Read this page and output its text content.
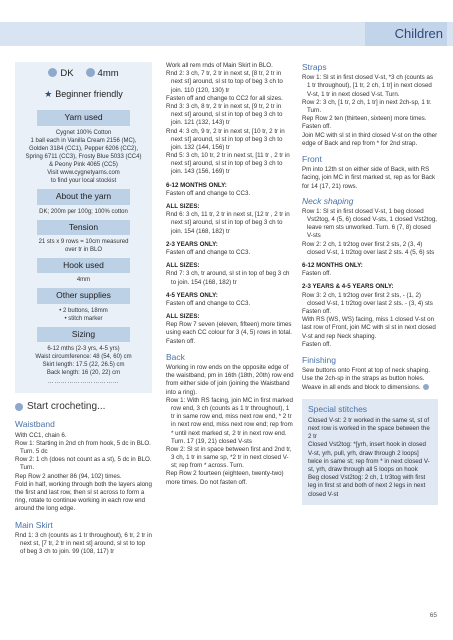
Children
DK	4mm
★ Beginner friendly
Yarn used
Cygnet 100% Cotton
1 ball each in Vanilla Cream 2156 (MC),
Golden 3184 (CC1), Pepper 6206 (CC2),
Spring 6711 (CC3), Frosty Blue 5033 (CC4)
& Peony Pink 4065 (CC5)
Visit www.cygnetyarns.com
to find your local stockist
About the yarn
DK; 200m per 100g; 100% cotton
Tension
21 sts x 9 rows = 10cm measured
over tr in BLO
Hook used
4mm
Other supplies
• 2 buttons, 18mm
• stitch marker
Sizing
6-12 mths (2-3 yrs, 4-5 yrs)
Waist circumference: 48 (54, 60) cm
Skirt length: 17.5 (22, 26.5) cm
Back length: 16 (20, 22) cm
……………………………
Start crocheting...
Waistband

With CC1, chain 6.

Row 1: Starting in 2nd ch from hook, 5 dc in BLO. Turn. 5 dc

Row 2: 1 ch (does not count as a st), 5 dc in BLO. Turn.

Rep Row 2 another 86 (94, 102) times.

Fold in half, working through both the layers along the first and last row, then sl st across to form a ring, rotate to continue working in each row end around the long edge.

Main Skirt

Rnd 1: 3 ch (counts as 1 tr throughout), 6 tr, 2 tr in next st, [7 tr, 2 tr in next st] around, sl st to top of beg 3 ch to join. 99 (108, 117) tr

Work all rem rnds of Main Skirt in BLO.

Rnd 2: 3 ch, 7 tr, 2 tr in next st, [8 tr, 2 tr in next st] around, sl st to top of beg 3 ch to join. 110 (120, 130) tr

Fasten off and change to CC2 for all sizes.

Rnd 3: 3 ch, 8 tr, 2 tr in next st, [9 tr, 2 tr in next st] around, sl st in top of beg 3 ch to join. 121 (132, 143) tr

Rnd 4: 3 ch, 9 tr, 2 tr in next st, [10 tr, 2 tr in next st] around, sl st in top of beg 3 ch to join. 132 (144, 156) tr

Rnd 5: 3 ch, 10 tr, 2 tr in next st, [11 tr , 2 tr in next st] around, sl st in top of beg 3 ch to join. 143 (156, 169) tr

6-12 MONTHS ONLY:

Fasten off and change to CC3.

ALL SIZES:

Rnd 6: 3 ch, 11 tr, 2 tr in next st, [12 tr , 2 tr in next st] around, sl st in top of beg 3 ch to join. 154 (168, 182) tr

2-3 YEARS ONLY:

Fasten off and change to CC3.

ALL SIZES:

Rnd 7: 3 ch, tr around, sl st in top of beg 3 ch to join. 154 (168, 182) tr

4-5 YEARS ONLY:

Fasten off and change to CC3.

ALL SIZES:

Rep Row 7 seven (eleven, fifteen) more times using each CC colour for 3 (4, 5) rows in total.

Fasten off.

Back

Working in row ends on the opposite edge of the waistband, pm in 16th (18th, 20th) row end from either side of join (joining the Waistband into a ring).

Row 1: With RS facing, join MC in first marked row end, 3 ch (counts as 1 tr throughout), 1 tr in same row end, miss next row end, * 2 tr in next row end, miss next row end; rep from * until next marked st, 2 tr in next row end. Turn. 17 (19, 21) closed V-sts

Row 2: Sl st in space between first and 2nd tr, 3 ch, 1 tr in same sp, *2 tr in next closed V-st; rep from * across. Turn.

Rep Row 2 fourteen (eighteen, twenty-two) more times. Do not fasten off.

Straps

Row 1: Sl st in first closed V-st, *3 ch (counts as 1 tr throughout), [1 tr, 2 ch, 1 tr] in next closed V-st, 1 tr in next closed V-st. Turn.

Row 2: 3 ch, [1 tr, 2 ch, 1 tr] in next 2ch-sp, 1 tr. Turn.

Rep Row 2 ten (thirteen, sixteen) more times.

Fasten off.

Join MC with sl st in third closed V-st on the other edge of Back and rep from * for 2nd strap.

Front

Pm into 12th st on either side of Back, with RS facing, join MC in first marked st, rep as for Back for 14 (17, 21) rows.

Neck shaping

Row 1: Sl st in first closed V-st, 1 beg closed Vst2tog, 4 (5, 6) closed V-sts, 1 closed Vst2tog, leave rem sts unworked. Turn. 6 (7, 8) closed V-sts

Row 2: 2 ch, 1 tr2tog over first 2 sts, 2 (3, 4) closed V-st, 1 tr2tog over last 2 sts. 4 (5, 6) sts

6-12 MONTHS ONLY:

Fasten off.

2-3 YEARS & 4-5 YEARS ONLY:

Row 3: 2 ch, 1 tr2tog over first 2 sts, - (1, 2) closed V-st, 1 tr2tog over last 2 sts. - (3, 4) sts

Fasten off.

With RS (WS, WS) facing, miss 1 closed V-st on last row of Front, join MC with sl st in next closed V-st and rep Neck shaping.

Fasten off.

Finishing

Sew buttons onto Front at top of neck shaping. Use the 2ch-sp in the straps as button holes. Weave in all ends and block to dimensions.

Special stitches

Closed V-st: 2 tr worked in the same st, st of next row is worked in the space between the 2 tr

Closed Vst2tog: *[yrh, insert hook in closed V-st, yrh, pull, yrh, draw through 2 loops] twice in same st; rep from * in next closed V-st, yrh, draw through all 5 loops on hook

Beg closed Vst2tog: 2 ch, 1 tr3tog with first leg in first st and both of next 2 legs in next closed V-st

65
